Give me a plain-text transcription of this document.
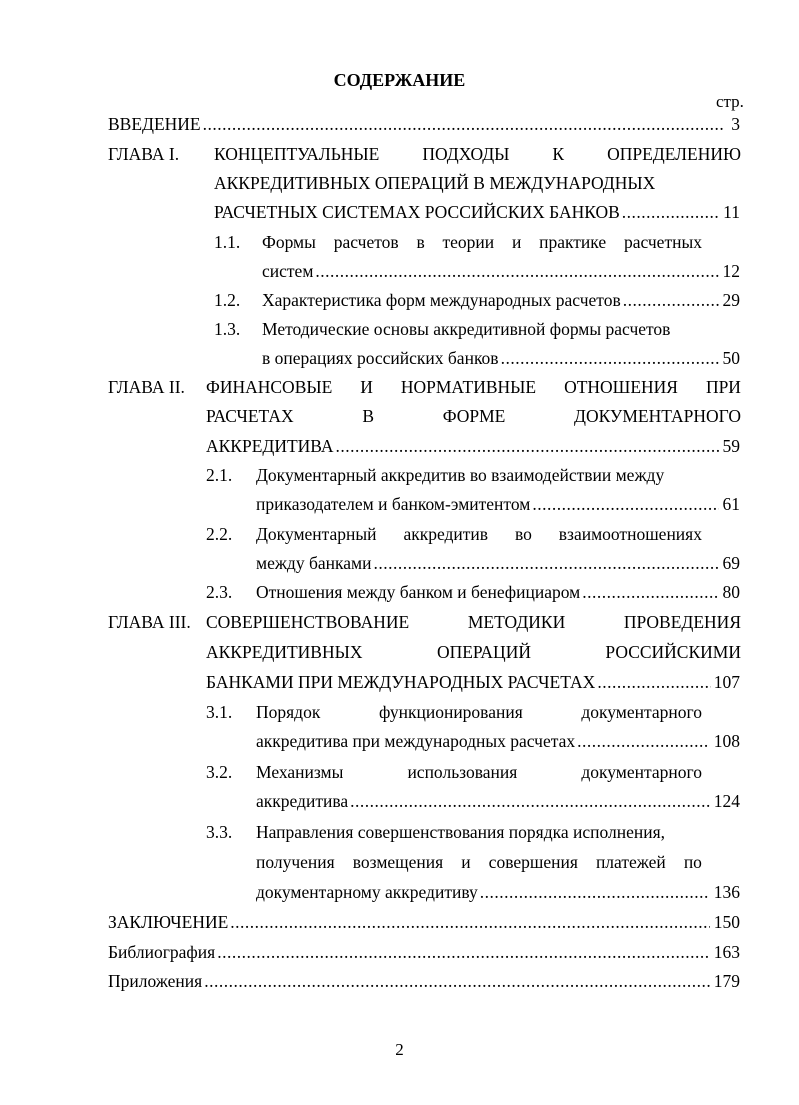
СОДЕРЖАНИЕ
стр.
ВВЕДЕНИЕ .....	3
ГЛАВА I. КОНЦЕПТУАЛЬНЫЕ ПОДХОДЫ К ОПРЕДЕЛЕНИЮ
АККРЕДИТИВНЫХ ОПЕРАЦИЙ В МЕЖДУНАРОДНЫХ
РАСЧЕТНЫХ СИСТЕМАХ РОССИЙСКИХ БАНКОВ .....	11
1.1. Формы расчетов в теории и практике расчетных
систем .....	12
1.2. Характеристика форм международных расчетов .....	29
1.3. Методические основы аккредитивной формы расчетов
в операциях российских банков .....	50
ГЛАВА II. ФИНАНСОВЫЕ И НОРМАТИВНЫЕ ОТНОШЕНИЯ ПРИ
РАСЧЕТАХ	В	ФОРМЕ	ДОКУМЕНТАРНОГО
АККРЕДИТИВА .....	59
2.1. Документарный аккредитив во взаимодействии между
приказодателем и банком-эмитентом .....	61
2.2. Документарный аккредитив во взаимоотношениях
между банками .....	69
2.3. Отношения между банком и бенефициаром .....	80
ГЛАВА III. СОВЕРШЕНСТВОВАНИЕ	МЕТОДИКИ	ПРОВЕДЕНИЯ
АККРЕДИТИВНЫХ	ОПЕРАЦИЙ	РОССИЙСКИМИ
БАНКАМИ ПРИ МЕЖДУНАРОДНЫХ РАСЧЕТАХ .....	107
3.1. Порядок	функционирования	документарного
аккредитива при международных расчетах .....	108
3.2. Механизмы	использования	документарного
аккредитива .....	124
3.3. Направления совершенствования порядка исполнения,
получения возмещения и совершения платежей по
документарному аккредитиву .....	136
ЗАКЛЮЧЕНИЕ .....	150
Библиография .....	163
Приложения .....	179
2
